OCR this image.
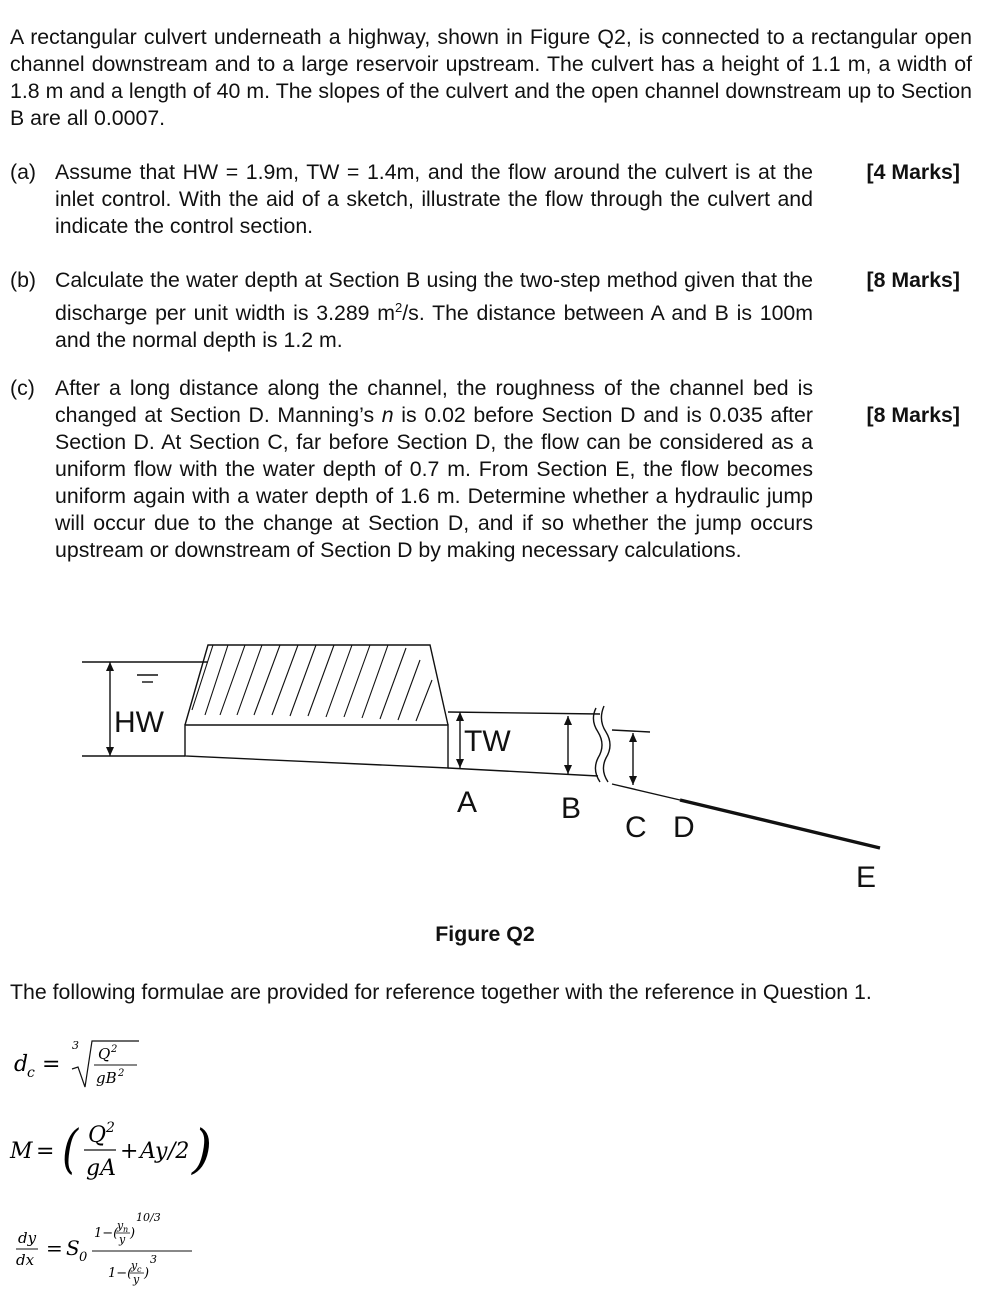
A rectangular culvert underneath a highway, shown in Figure Q2, is connected to a rectangular open channel downstream and to a large reservoir upstream. The culvert has a height of 1.1 m, a width of 1.8 m and a length of 40 m. The slopes of the culvert and the open channel downstream up to Section B are all 0.0007.
(a) Assume that HW = 1.9m, TW = 1.4m, and the flow around the culvert is at the inlet control. With the aid of a sketch, illustrate the flow through the culvert and indicate the control section.
[4 Marks]
(b) Calculate the water depth at Section B using the two-step method given that the discharge per unit width is 3.289 $m^2/s$. The distance between A and B is 100m and the normal depth is 1.2 m.
[8 Marks]
(c) After a long distance along the channel, the roughness of the channel bed is changed at Section D. Manning’s n is 0.02 before Section D and is 0.035 after Section D. At Section C, far before Section D, the flow can be considered as a uniform flow with the water depth of 0.7 m. From Section E, the flow becomes uniform again with a water depth of 1.6 m. Determine whether a hydraulic jump will occur due to the change at Section D, and if so whether the jump occurs upstream or downstream of Section D by making necessary calculations.
[8 Marks]
HW
TW
A	B
C D
E
Figure Q2
The following formulae are provided for reference together with the reference in Question 1.
d
c =
3 Q 2
gB 2
M = ( Q 2
gA
+ Ay /2 )
dy
dx = S 0
1−(
y n
y )
10/3
1−(
y c
y )
3
